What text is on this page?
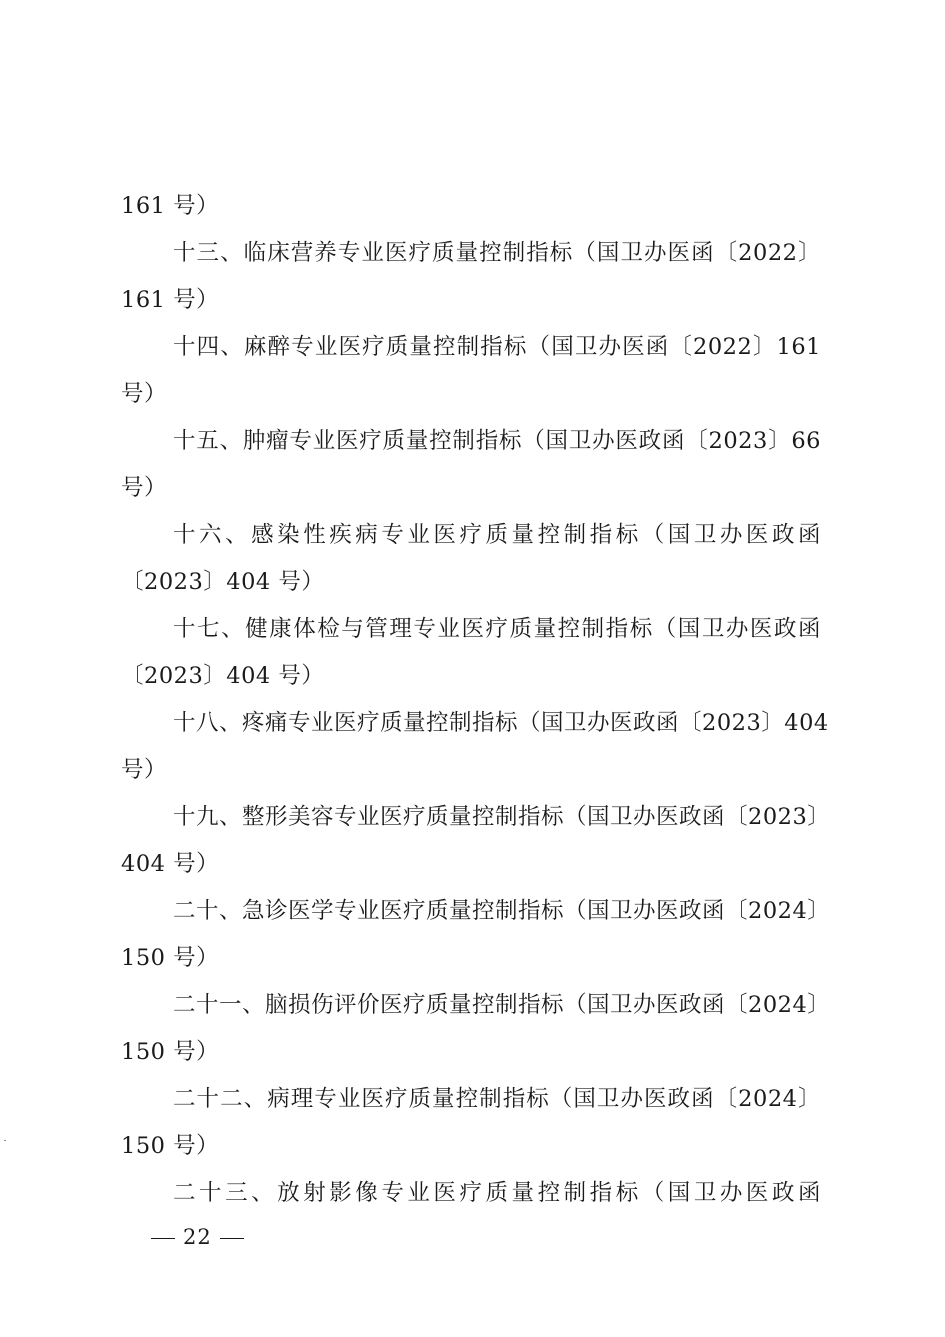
161 号）
十三、临床营养专业医疗质量控制指标（国卫办医函〔2022〕
161 号）
十四、麻醉专业医疗质量控制指标（国卫办医函〔2022〕161
号）
十五、肿瘤专业医疗质量控制指标（国卫办医政函〔2023〕66
号）
十六、感染性疾病专业医疗质量控制指标（国卫办医政函
〔2023〕404 号）
十七、健康体检与管理专业医疗质量控制指标（国卫办医政函
〔2023〕404 号）
十八、疼痛专业医疗质量控制指标（国卫办医政函〔2023〕404
号）
十九、整形美容专业医疗质量控制指标（国卫办医政函〔2023〕
404 号）
二十、急诊医学专业医疗质量控制指标（国卫办医政函〔2024〕
150 号）
二十一、脑损伤评价医疗质量控制指标（国卫办医政函〔2024〕
150 号）
二十二、病理专业医疗质量控制指标（国卫办医政函〔2024〕
150 号）
二十三、放射影像专业医疗质量控制指标（国卫办医政函
22
